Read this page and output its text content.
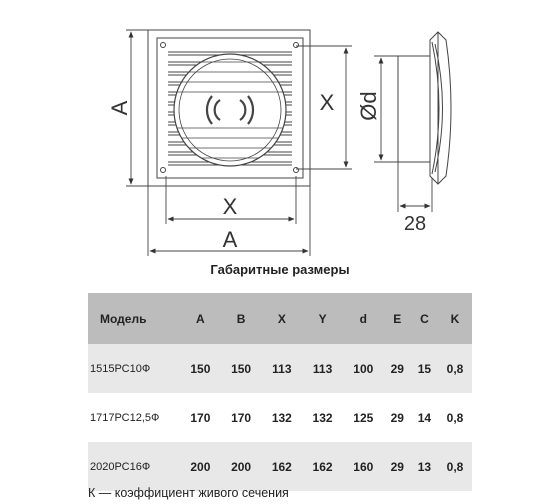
A	X
X
A
Ød
28
Габаритные размеры
Модель	A	B	X	Y	d	E	C	K
1515РС10Ф	150	150	113	113	100	29	15	0,8
1717РС12,5Ф	170	170	132	132	125	29	14	0,8
2020РС16Ф	200	200	162	162	160	29	13	0,8
К — коэффициент живого сечения
